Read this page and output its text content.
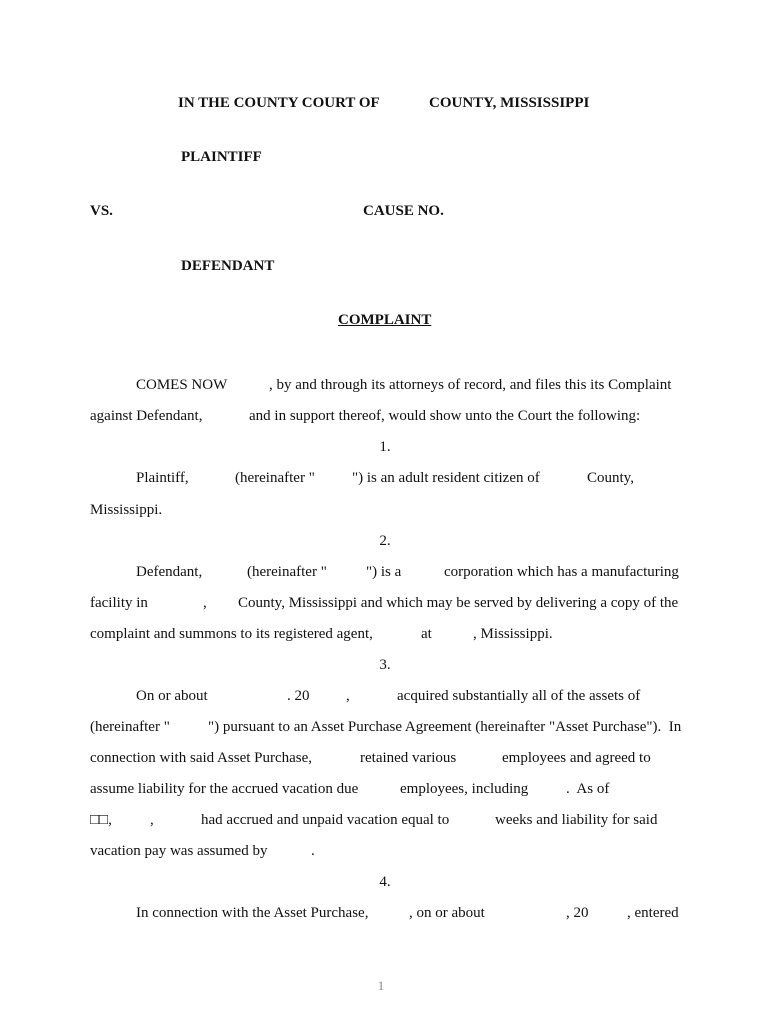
IN THE COUNTY COURT OF	COUNTY, MISSISSIPPI
PLAINTIFF
VS.	CAUSE NO.
DEFENDANT
COMPLAINT
COMES NOW	, by and through its attorneys of record, and files this its Complaint
against Defendant,	and in support thereof, would show unto the Court the following:
1.
Plaintiff,	(hereinafter " ") is an adult resident citizen of	County,
Mississippi.
2.
Defendant,	(hereinafter "	") is a	corporation which has a manufacturing
facility in	, County, Mississippi and which may be served by delivering a copy of the
complaint and summons to its registered agent,	at	, Mississippi.
3.
On or about	. 20 ,	acquired substantially all of the assets of
(hereinafter "	") pursuant to an Asset Purchase Agreement (hereinafter "Asset Purchase").  In
connection with said Asset Purchase,	retained various	employees and agreed to
assume liability for the accrued vacation due	employees, including	.  As of
□□,	,	had accrued and unpaid vacation equal to	weeks and liability for said
vacation pay was assumed by	.
4.
In connection with the Asset Purchase,	, on or about	, 20	, entered
1
